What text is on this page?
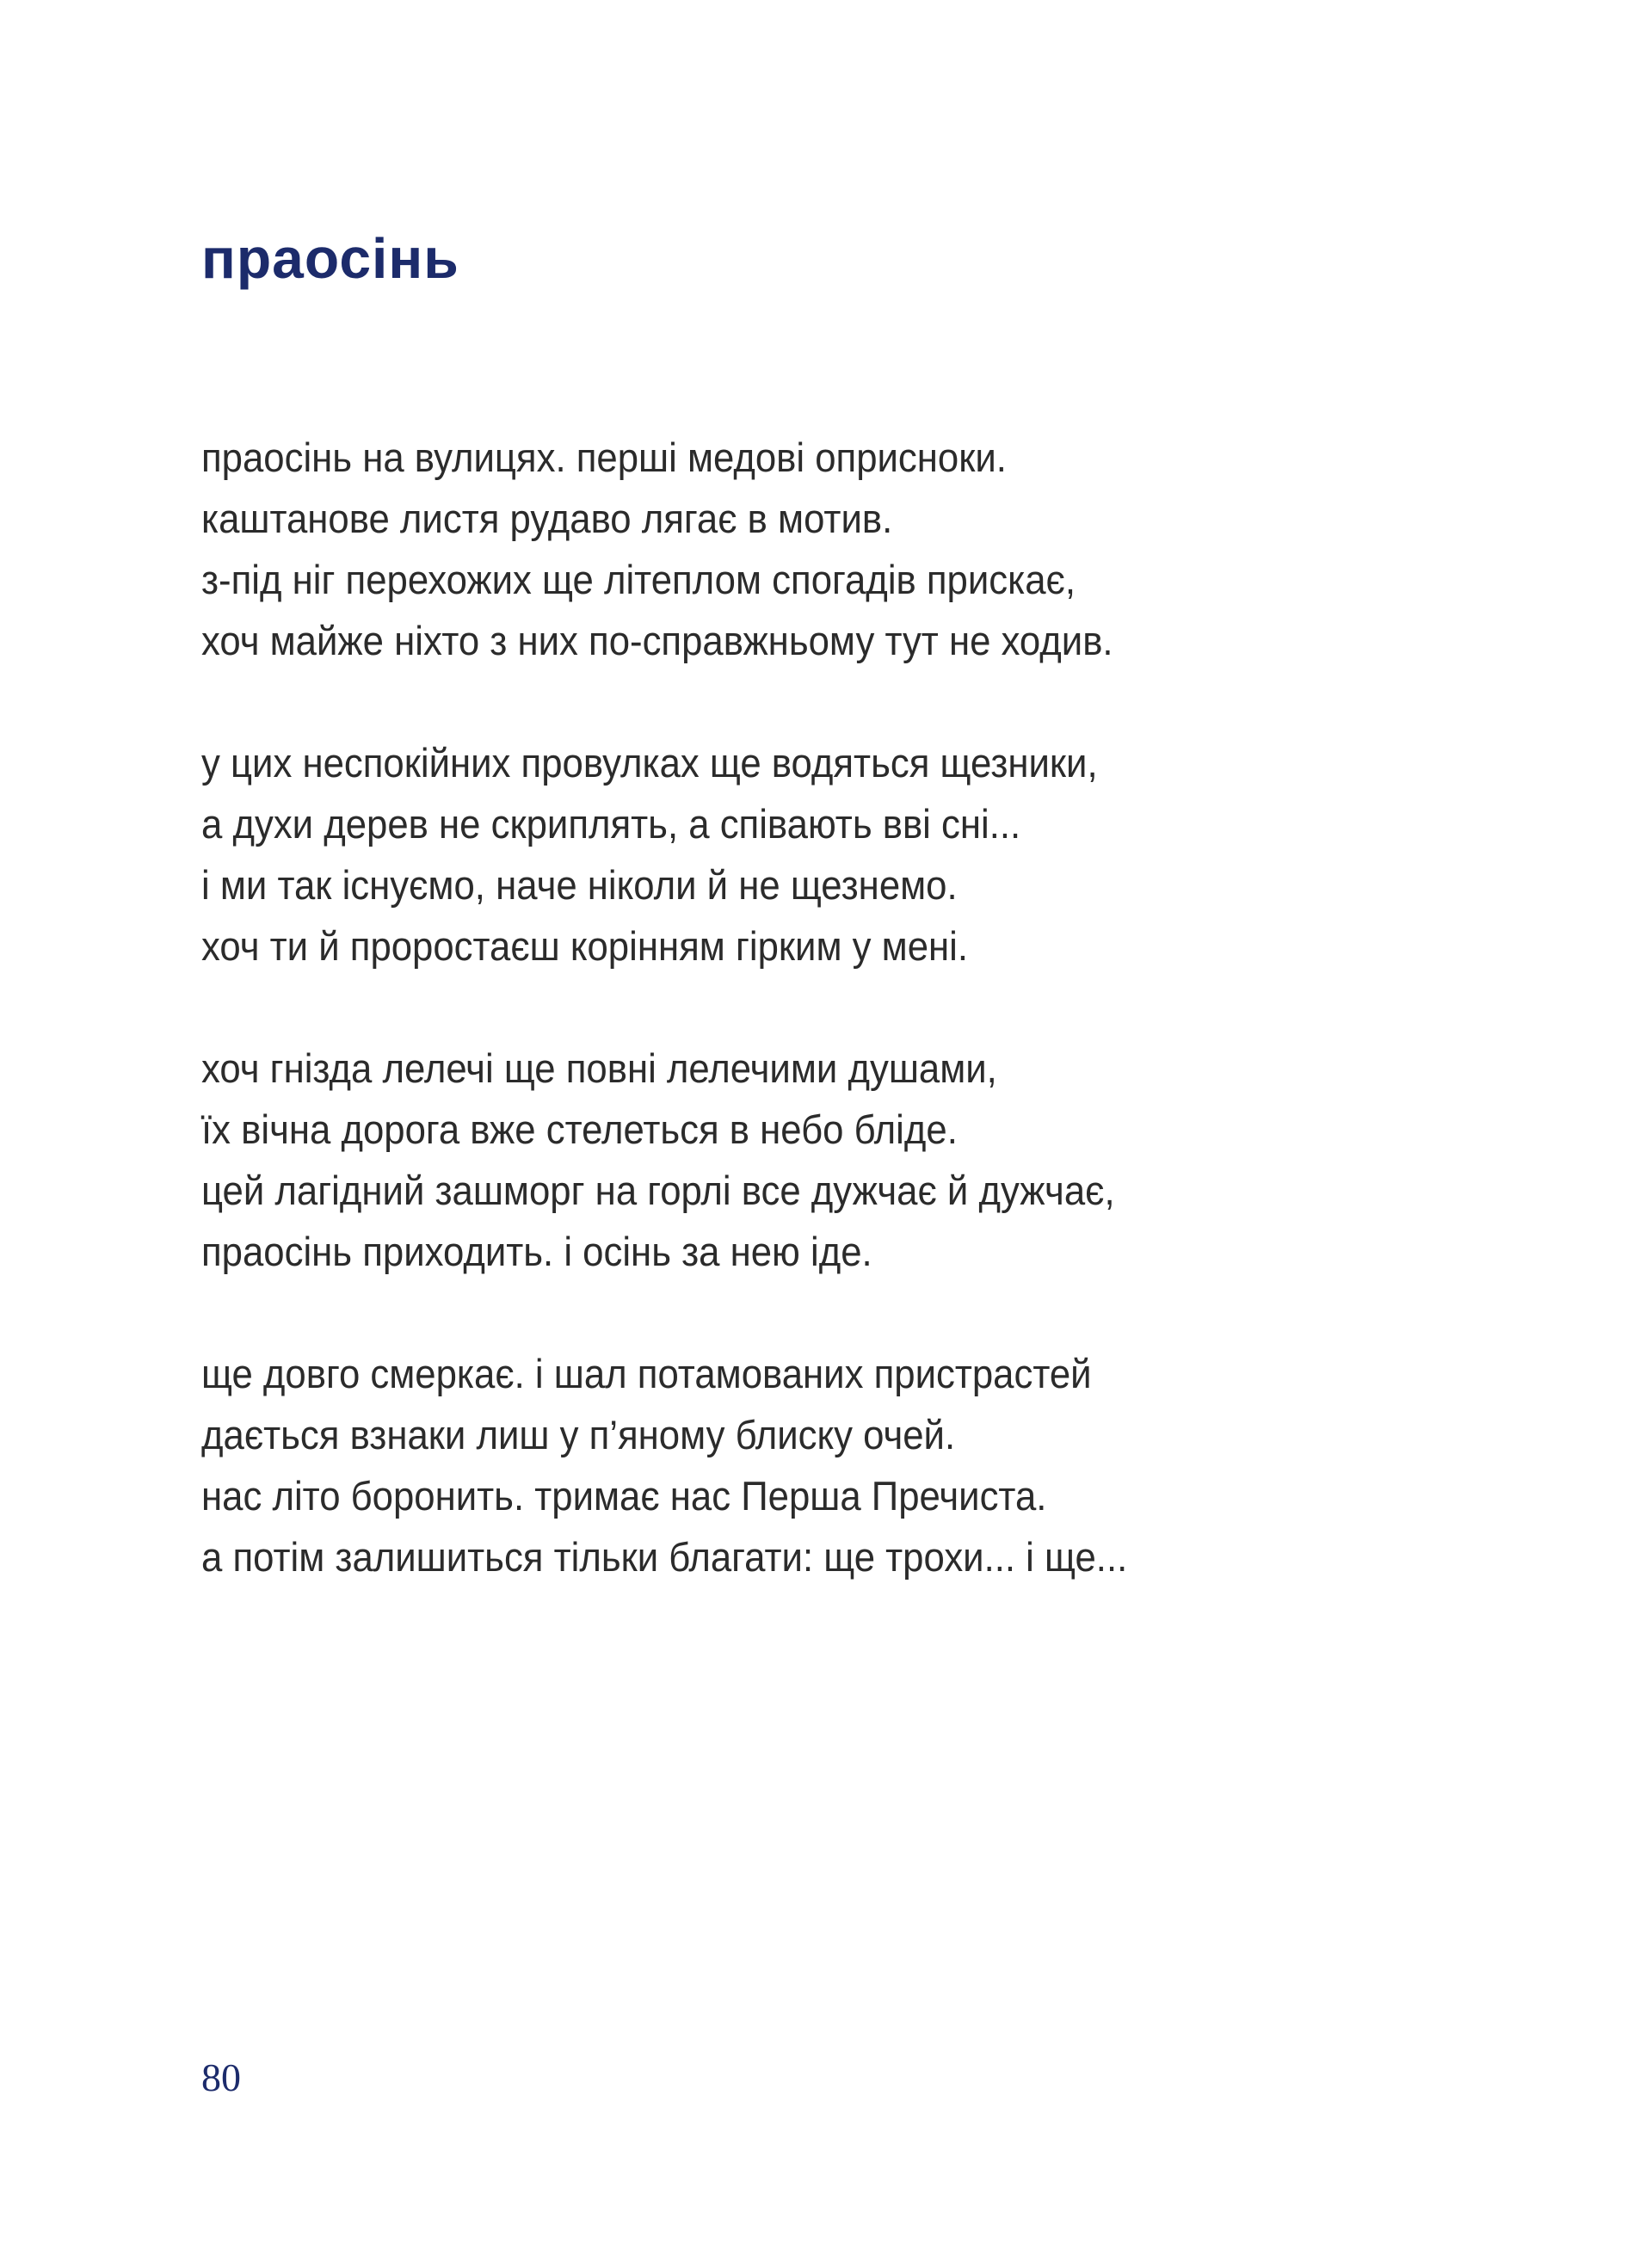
праосінь
праосінь на вулицях. перші медові оприсноки.
каштанове листя рудаво лягає в мотив.
з-під ніг перехожих ще літеплом спогадів прискає,
хоч майже ніхто з них по-справжньому тут не ходив.
у цих неспокійних провулках ще водяться щезники,
а духи дерев не скриплять, а співають вві сні...
і ми так існуємо, наче ніколи й не щезнемо.
хоч ти й проростаєш корінням гірким у мені.
хоч гнізда лелечі ще повні лелечими душами,
їх вічна дорога вже стелеться в небо бліде.
цей лагідний зашморг на горлі все дужчає й дужчає,
праосінь приходить. і осінь за нею іде.
ще довго смеркає. і шал потамованих пристрастей
дається взнаки лиш у п’яному блиску очей.
нас літо боронить. тримає нас Перша Пречиста.
а потім залишиться тільки благати: ще трохи... і ще...
80
